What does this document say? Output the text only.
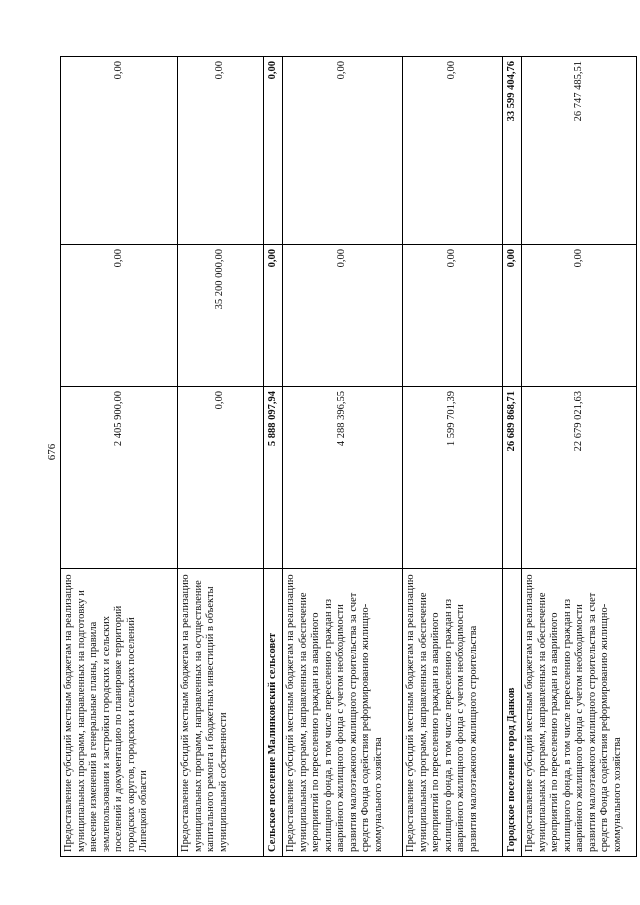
676
Предоставление субсидий местным бюджетам на реализацию муниципальных программ, направленных на подготовку и внесение изменений в генеральные планы, правила землепользования и застройки городских и сельских поселений и документацию по планировке территорий городских округов, городских и сельских поселений Липецкой области	2 405 900,00	0,00	0,00
Предоставление субсидий местным бюджетам на реализацию муниципальных программ, направленных на осуществление капитального ремонта и бюджетных инвестиций в объекты муниципальной собственности	0,00	35 200 000,00	0,00
Сельское поселение Малинковский сельсовет	5 888 097,94	0,00	0,00
Предоставление субсидий местным бюджетам на реализацию муниципальных программ, направленных на обеспечение мероприятий по переселению граждан из аварийного жилищного фонда, в том числе переселению граждан из аварийного жилищного фонда с учетом необходимости развития малоэтажного жилищного строительства за счет средств Фонда содействия реформированию жилищно-коммунального хозяйства	4 288 396,55	0,00	0,00
Предоставление субсидий местным бюджетам на реализацию муниципальных программ, направленных на обеспечение мероприятий по переселению граждан из аварийного жилищного фонда, в том числе переселению граждан из аварийного жилищного фонда с учетом необходимости развития малоэтажного жилищного строительства	1 599 701,39	0,00	0,00
Городское поселение город Данков	26 689 868,71	0,00	33 599 404,76
Предоставление субсидий местным бюджетам на реализацию муниципальных программ, направленных на обеспечение мероприятий по переселению граждан из аварийного жилищного фонда, в том числе переселению граждан из аварийного жилищного фонда с учетом необходимости развития малоэтажного жилищного строительства за счет средств Фонда содействия реформированию жилищно-коммунального хозяйства	22 679 021,63	0,00	26 747 485,51
